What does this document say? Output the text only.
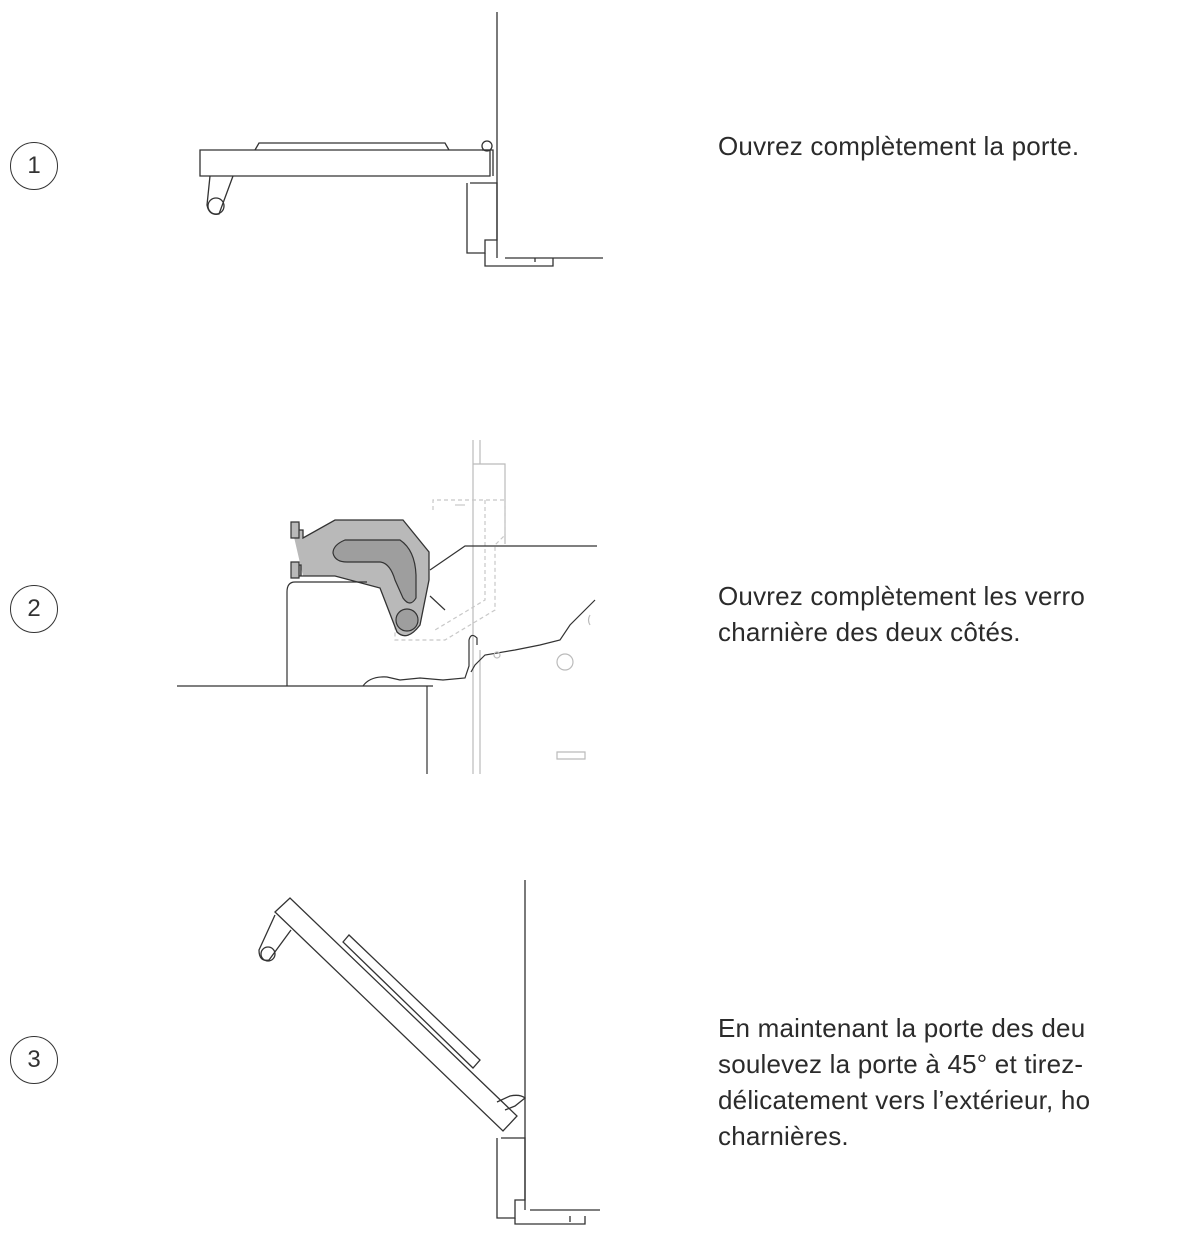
1
Ouvrez complètement la porte.
2	Ouvrez complètement les verro
charnière des deux côtés.
3
En maintenant la porte des deu
soulevez la porte à 45° et tirez-
délicatement vers l’extérieur, ho
charnières.
